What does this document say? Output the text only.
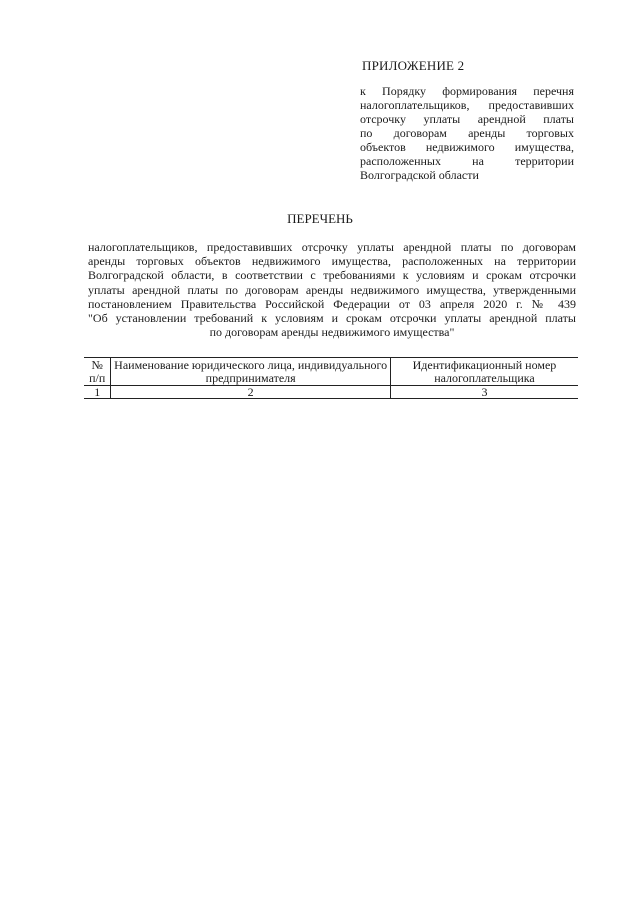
ПРИЛОЖЕНИЕ 2
к Порядку формирования перечня
налогоплательщиков, предоставивших
отсрочку уплаты арендной платы
по договорам аренды торговых
объектов недвижимого имущества,
расположенных на территории
Волгоградской области
ПЕРЕЧЕНЬ
налогоплательщиков, предоставивших отсрочку уплаты арендной платы по договорам
аренды торговых объектов недвижимого имущества, расположенных на территории
Волгоградской области, в соответствии с требованиями к условиям и срокам отсрочки
уплаты арендной платы по договорам аренды недвижимого имущества, утвержденными
постановлением Правительства Российской Федерации от 03 апреля 2020 г. № 439
"Об установлении требований к условиям и срокам отсрочки уплаты арендной платы
по договорам аренды недвижимого имущества"
№ п/п	Наименование юридического лица, индивидуального предпринимателя	Идентификационный номер налогоплательщика
1	2	3
